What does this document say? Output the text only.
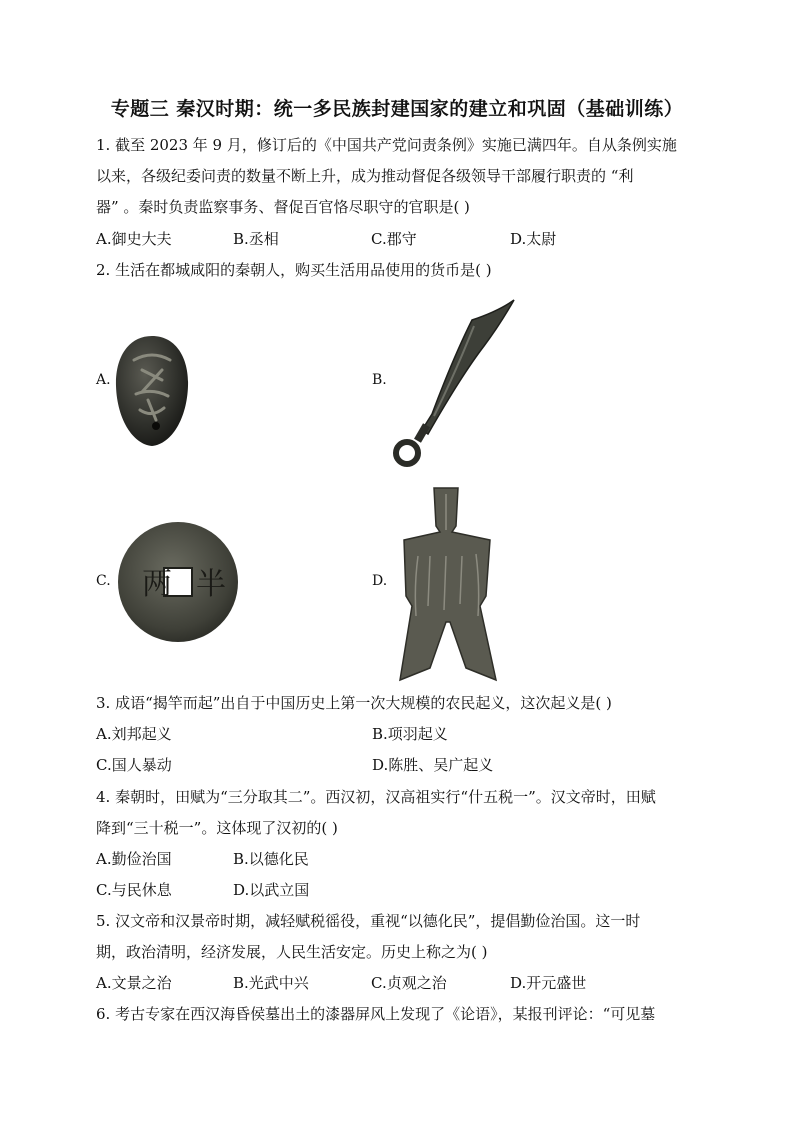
专题三 秦汉时期：统一多民族封建国家的建立和巩固（基础训练）
1. 截至 2023 年 9 月，修订后的《中国共产党问责条例》实施已满四年。自从条例实施
以来，各级纪委问责的数量不断上升，成为推动督促各级领导干部履行职责的 “利
器” 。秦时负责监察事务、督促百官恪尽职守的官职是( )
A.御史大夫	B.丞相	C.郡守	D.太尉
2. 生活在都城咸阳的秦朝人，购买生活用品使用的货币是( )
A.	B.
C.	D.
两 半
3. 成语“揭竿而起”出自于中国历史上第一次大规模的农民起义，这次起义是( )
A.刘邦起义	B.项羽起义
C.国人暴动	D.陈胜、吴广起义
4. 秦朝时，田赋为“三分取其二”。西汉初，汉高祖实行“什五税一”。汉文帝时，田赋
降到“三十税一”。这体现了汉初的( )
A.勤俭治国	B.以德化民
C.与民休息	D.以武立国
5. 汉文帝和汉景帝时期，减轻赋税徭役，重视“以德化民”，提倡勤俭治国。这一时
期，政治清明，经济发展，人民生活安定。历史上称之为( )
A.文景之治	B.光武中兴	C.贞观之治	D.开元盛世
6. 考古专家在西汉海昏侯墓出土的漆器屏风上发现了《论语》，某报刊评论：“可见墓
